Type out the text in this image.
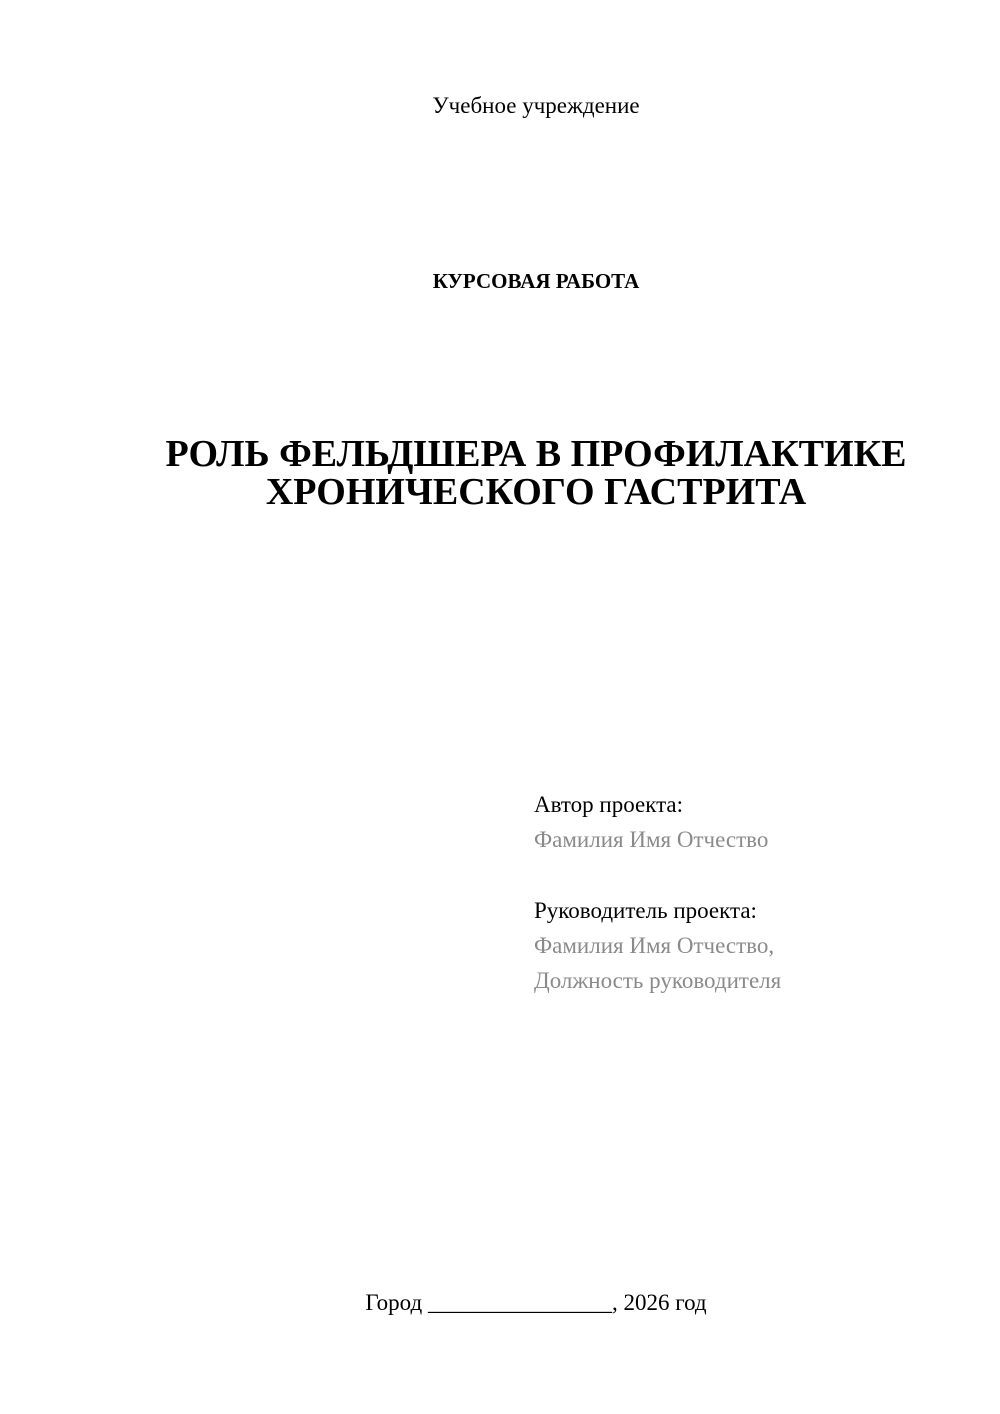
Учебное учреждение
КУРСОВАЯ РАБОТА
РОЛЬ ФЕЛЬДШЕРА В ПРОФИЛАКТИКЕ
ХРОНИЧЕСКОГО ГАСТРИТА
Автор проекта:
Фамилия Имя Отчество
Руководитель проекта:
Фамилия Имя Отчество,
Должность руководителя
Город ________________, 2026 год
